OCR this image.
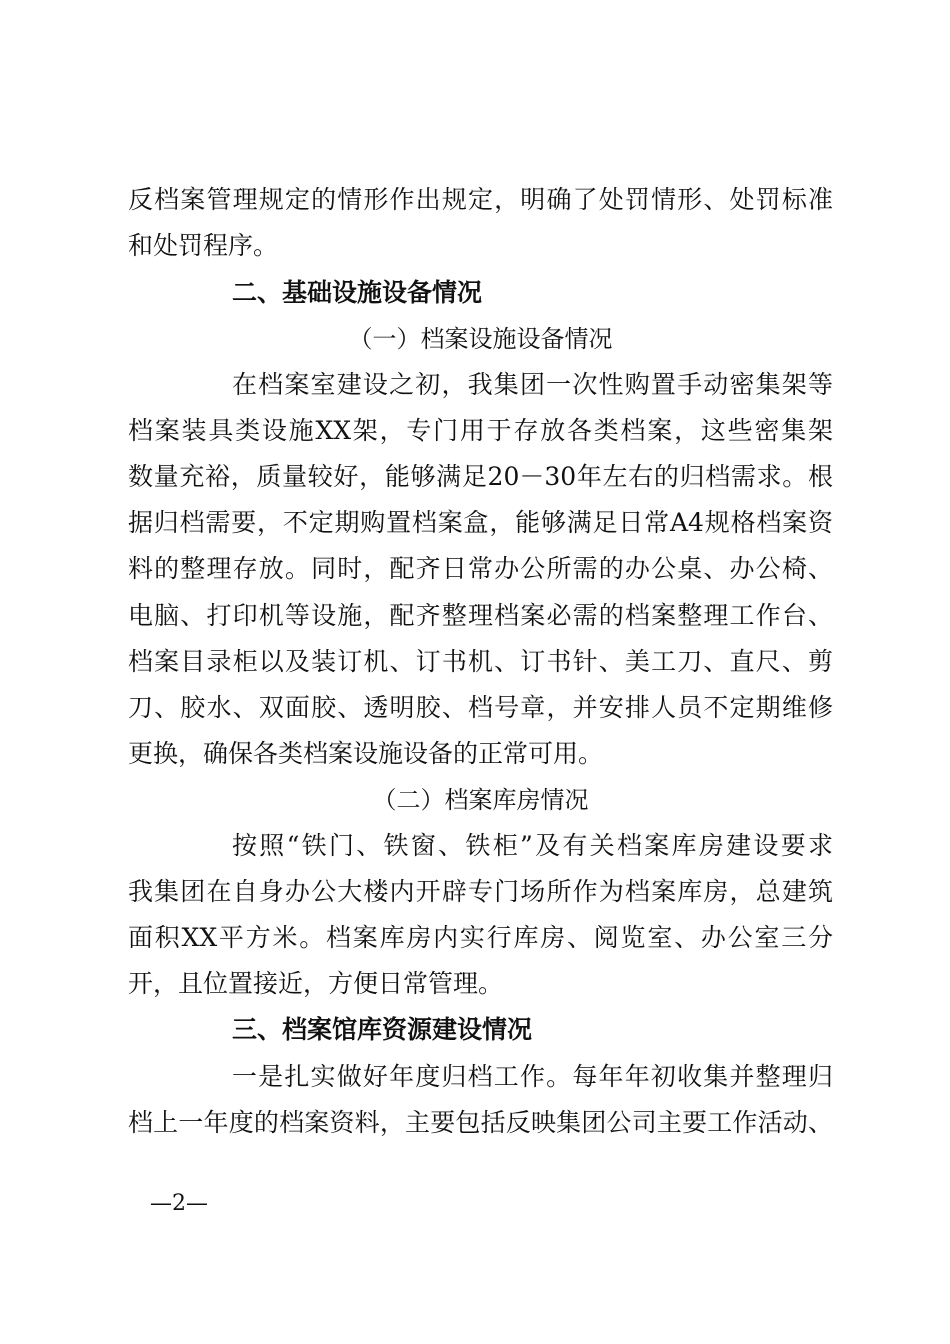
反档案管理规定的情形作出规定，明确了处罚情形、处罚标准
和处罚程序。
二、基础设施设备情况
（一）档案设施设备情况
在档案室建设之初，我集团一次性购置手动密集架等
档案装具类设施XX架，专门用于存放各类档案，这些密集架
数量充裕，质量较好，能够满足20－30年左右的归档需求。根
据归档需要，不定期购置档案盒，能够满足日常A4规格档案资
料的整理存放。同时，配齐日常办公所需的办公桌、办公椅、
电脑、打印机等设施，配齐整理档案必需的档案整理工作台、
档案目录柜以及装订机、订书机、订书针、美工刀、直尺、剪
刀、胶水、双面胶、透明胶、档号章，并安排人员不定期维修
更换，确保各类档案设施设备的正常可用。
（二）档案库房情况
按照“铁门、铁窗、铁柜”及有关档案库房建设要求
我集团在自身办公大楼内开辟专门场所作为档案库房，总建筑
面积XX平方米。档案库房内实行库房、阅览室、办公室三分
开，且位置接近，方便日常管理。
三、档案馆库资源建设情况
一是扎实做好年度归档工作。每年年初收集并整理归
档上一年度的档案资料，主要包括反映集团公司主要工作活动、
—2—
